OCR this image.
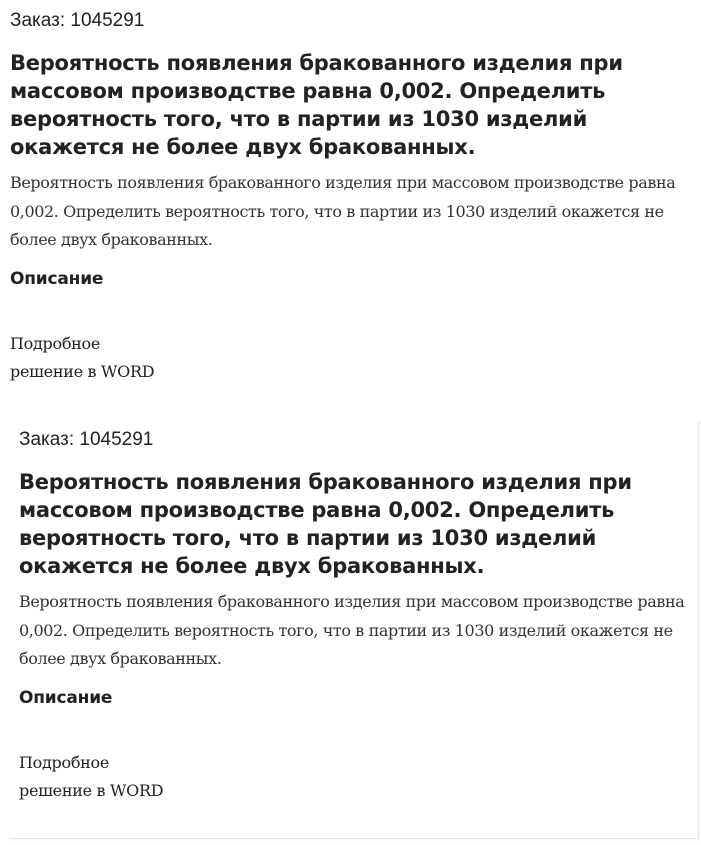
Заказ: 1045291
Вероятность появления бракованного изделия при массовом производстве равна 0,002. Определить вероятность того, что в партии из 1030 изделий окажется не более двух бракованных.
Вероятность появления бракованного изделия при массовом производстве равна 0,002. Определить вероятность того, что в партии из 1030 изделий окажется не более двух бракованных.
Описание
Подробное
решение в WORD
Заказ: 1045291
Вероятность появления бракованного изделия при массовом производстве равна 0,002. Определить вероятность того, что в партии из 1030 изделий окажется не более двух бракованных.
Вероятность появления бракованного изделия при массовом производстве равна 0,002. Определить вероятность того, что в партии из 1030 изделий окажется не более двух бракованных.
Описание
Подробное
решение в WORD
